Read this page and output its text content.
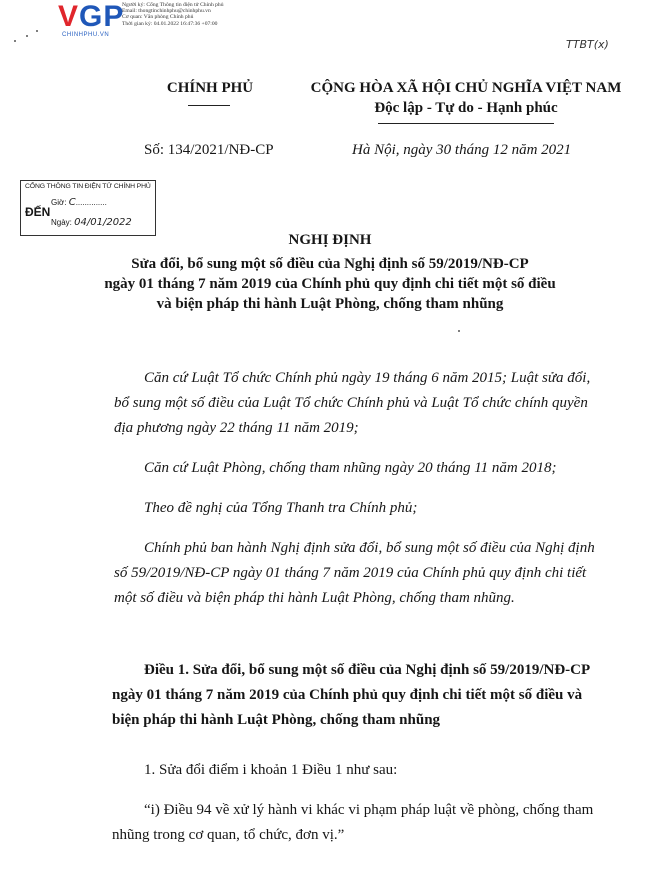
VGP
CHINHPHU.VN
Người ký: Cổng Thông tin điện tử Chính phủ
Email: thongtinchinhphu@chinhphu.vn
Cơ quan: Văn phòng Chính phủ
Thời gian ký: 04.01.2022 16:47:36 +07:00
TTBT(x)
CHÍNH PHỦ	CỘNG HÒA XÃ HỘI CHỦ NGHĨA VIỆT NAM
Độc lập - Tự do - Hạnh phúc
Số: 134/2021/NĐ-CP	Hà Nội, ngày 30 tháng 12 năm 2021
CỔNG THÔNG TIN ĐIỆN TỬ CHÍNH PHỦ
ĐẾN
Giờ: C..............
Ngày: 04/01/2022
NGHỊ ĐỊNH
Sửa đổi, bổ sung một số điều của Nghị định số 59/2019/NĐ-CP
ngày 01 tháng 7 năm 2019 của Chính phủ quy định chi tiết một số điều
và biện pháp thi hành Luật Phòng, chống tham nhũng
Căn cứ Luật Tổ chức Chính phủ ngày 19 tháng 6 năm 2015; Luật sửa đổi,
bổ sung một số điều của Luật Tổ chức Chính phủ và Luật Tổ chức chính quyền
địa phương ngày 22 tháng 11 năm 2019;
Căn cứ Luật Phòng, chống tham nhũng ngày 20 tháng 11 năm 2018;
Theo đề nghị của Tổng Thanh tra Chính phủ;
Chính phủ ban hành Nghị định sửa đổi, bổ sung một số điều của Nghị định
số 59/2019/NĐ-CP ngày 01 tháng 7 năm 2019 của Chính phủ quy định chi tiết
một số điều và biện pháp thi hành Luật Phòng, chống tham nhũng.
Điều 1. Sửa đổi, bổ sung một số điều của Nghị định số 59/2019/NĐ-CP
ngày 01 tháng 7 năm 2019 của Chính phủ quy định chi tiết một số điều và
biện pháp thi hành Luật Phòng, chống tham nhũng
1. Sửa đổi điểm i khoản 1 Điều 1 như sau:
“i) Điều 94 về xử lý hành vi khác vi phạm pháp luật về phòng, chống tham
nhũng trong cơ quan, tổ chức, đơn vị.”
